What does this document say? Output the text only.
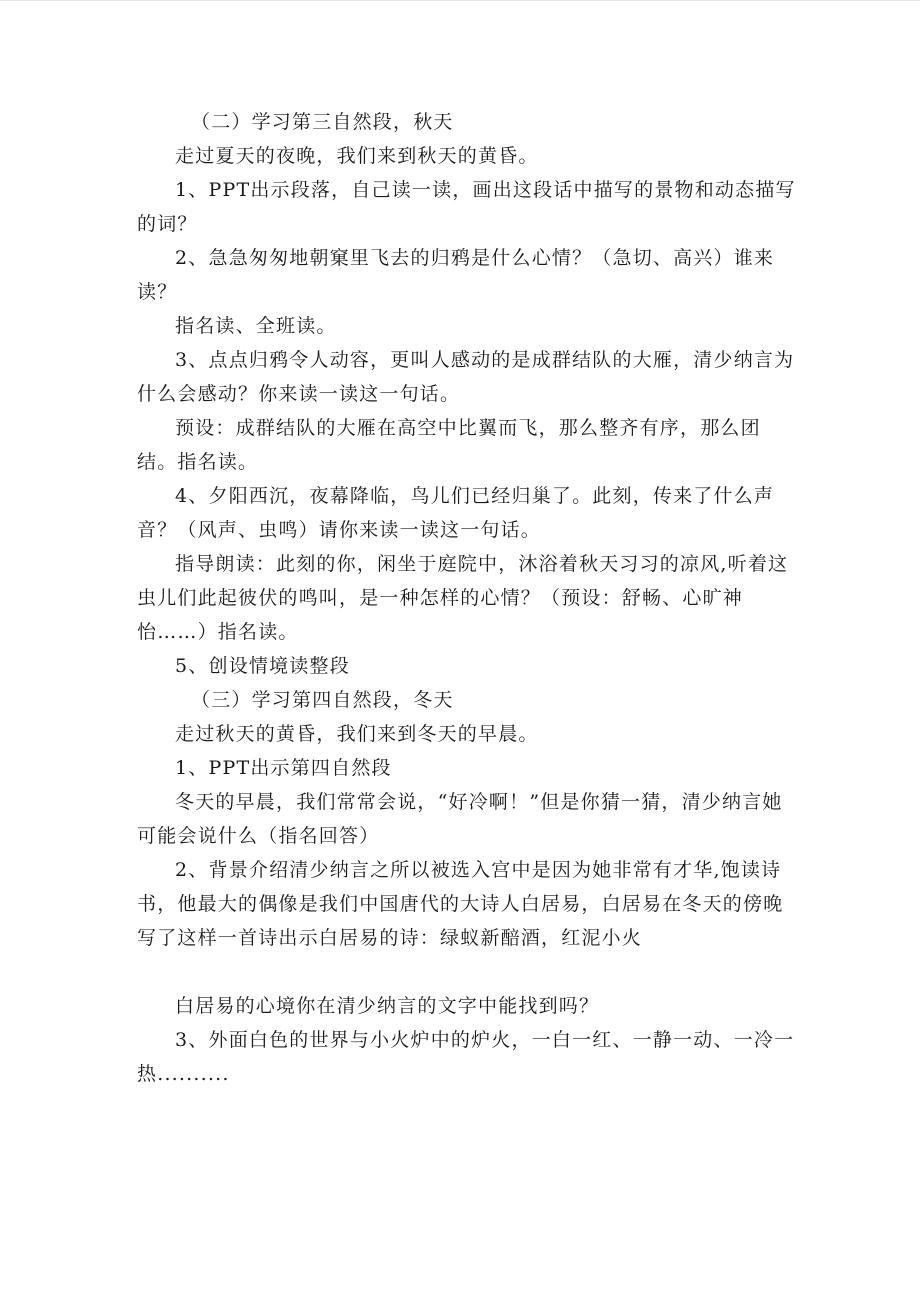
（二）学习第三自然段，秋天

走过夏天的夜晚，我们来到秋天的黄昏。

1、PPT出示段落，自己读一读，画出这段话中描写的景物和动态描写的词？

2、急急匆匆地朝窠里飞去的归鸦是什么心情？（急切、高兴）谁来读？

指名读、全班读。

3、点点归鸦令人动容，更叫人感动的是成群结队的大雁，清少纳言为什么会感动？你来读一读这一句话。

预设：成群结队的大雁在高空中比翼而飞，那么整齐有序，那么团结。指名读。

4、夕阳西沉，夜幕降临，鸟儿们已经归巢了。此刻，传来了什么声音？（风声、虫鸣）请你来读一读这一句话。

指导朗读：此刻的你，闲坐于庭院中，沐浴着秋天习习的凉风,听着这虫儿们此起彼伏的鸣叫，是一种怎样的心情？（预设：舒畅、心旷神怡……）指名读。

5、创设情境读整段

（三）学习第四自然段，冬天

走过秋天的黄昏，我们来到冬天的早晨。

1、PPT出示第四自然段

冬天的早晨，我们常常会说，“好冷啊！”但是你猜一猜，清少纳言她可能会说什么（指名回答）

2、背景介绍清少纳言之所以被选入宫中是因为她非常有才华,饱读诗书，他最大的偶像是我们中国唐代的大诗人白居易，白居易在冬天的傍晚写了这样一首诗出示白居易的诗：绿蚁新醅酒，红泥小火

白居易的心境你在清少纳言的文字中能找到吗？

3、外面白色的世界与小火炉中的炉火，一白一红、一静一动、一冷一热..........
